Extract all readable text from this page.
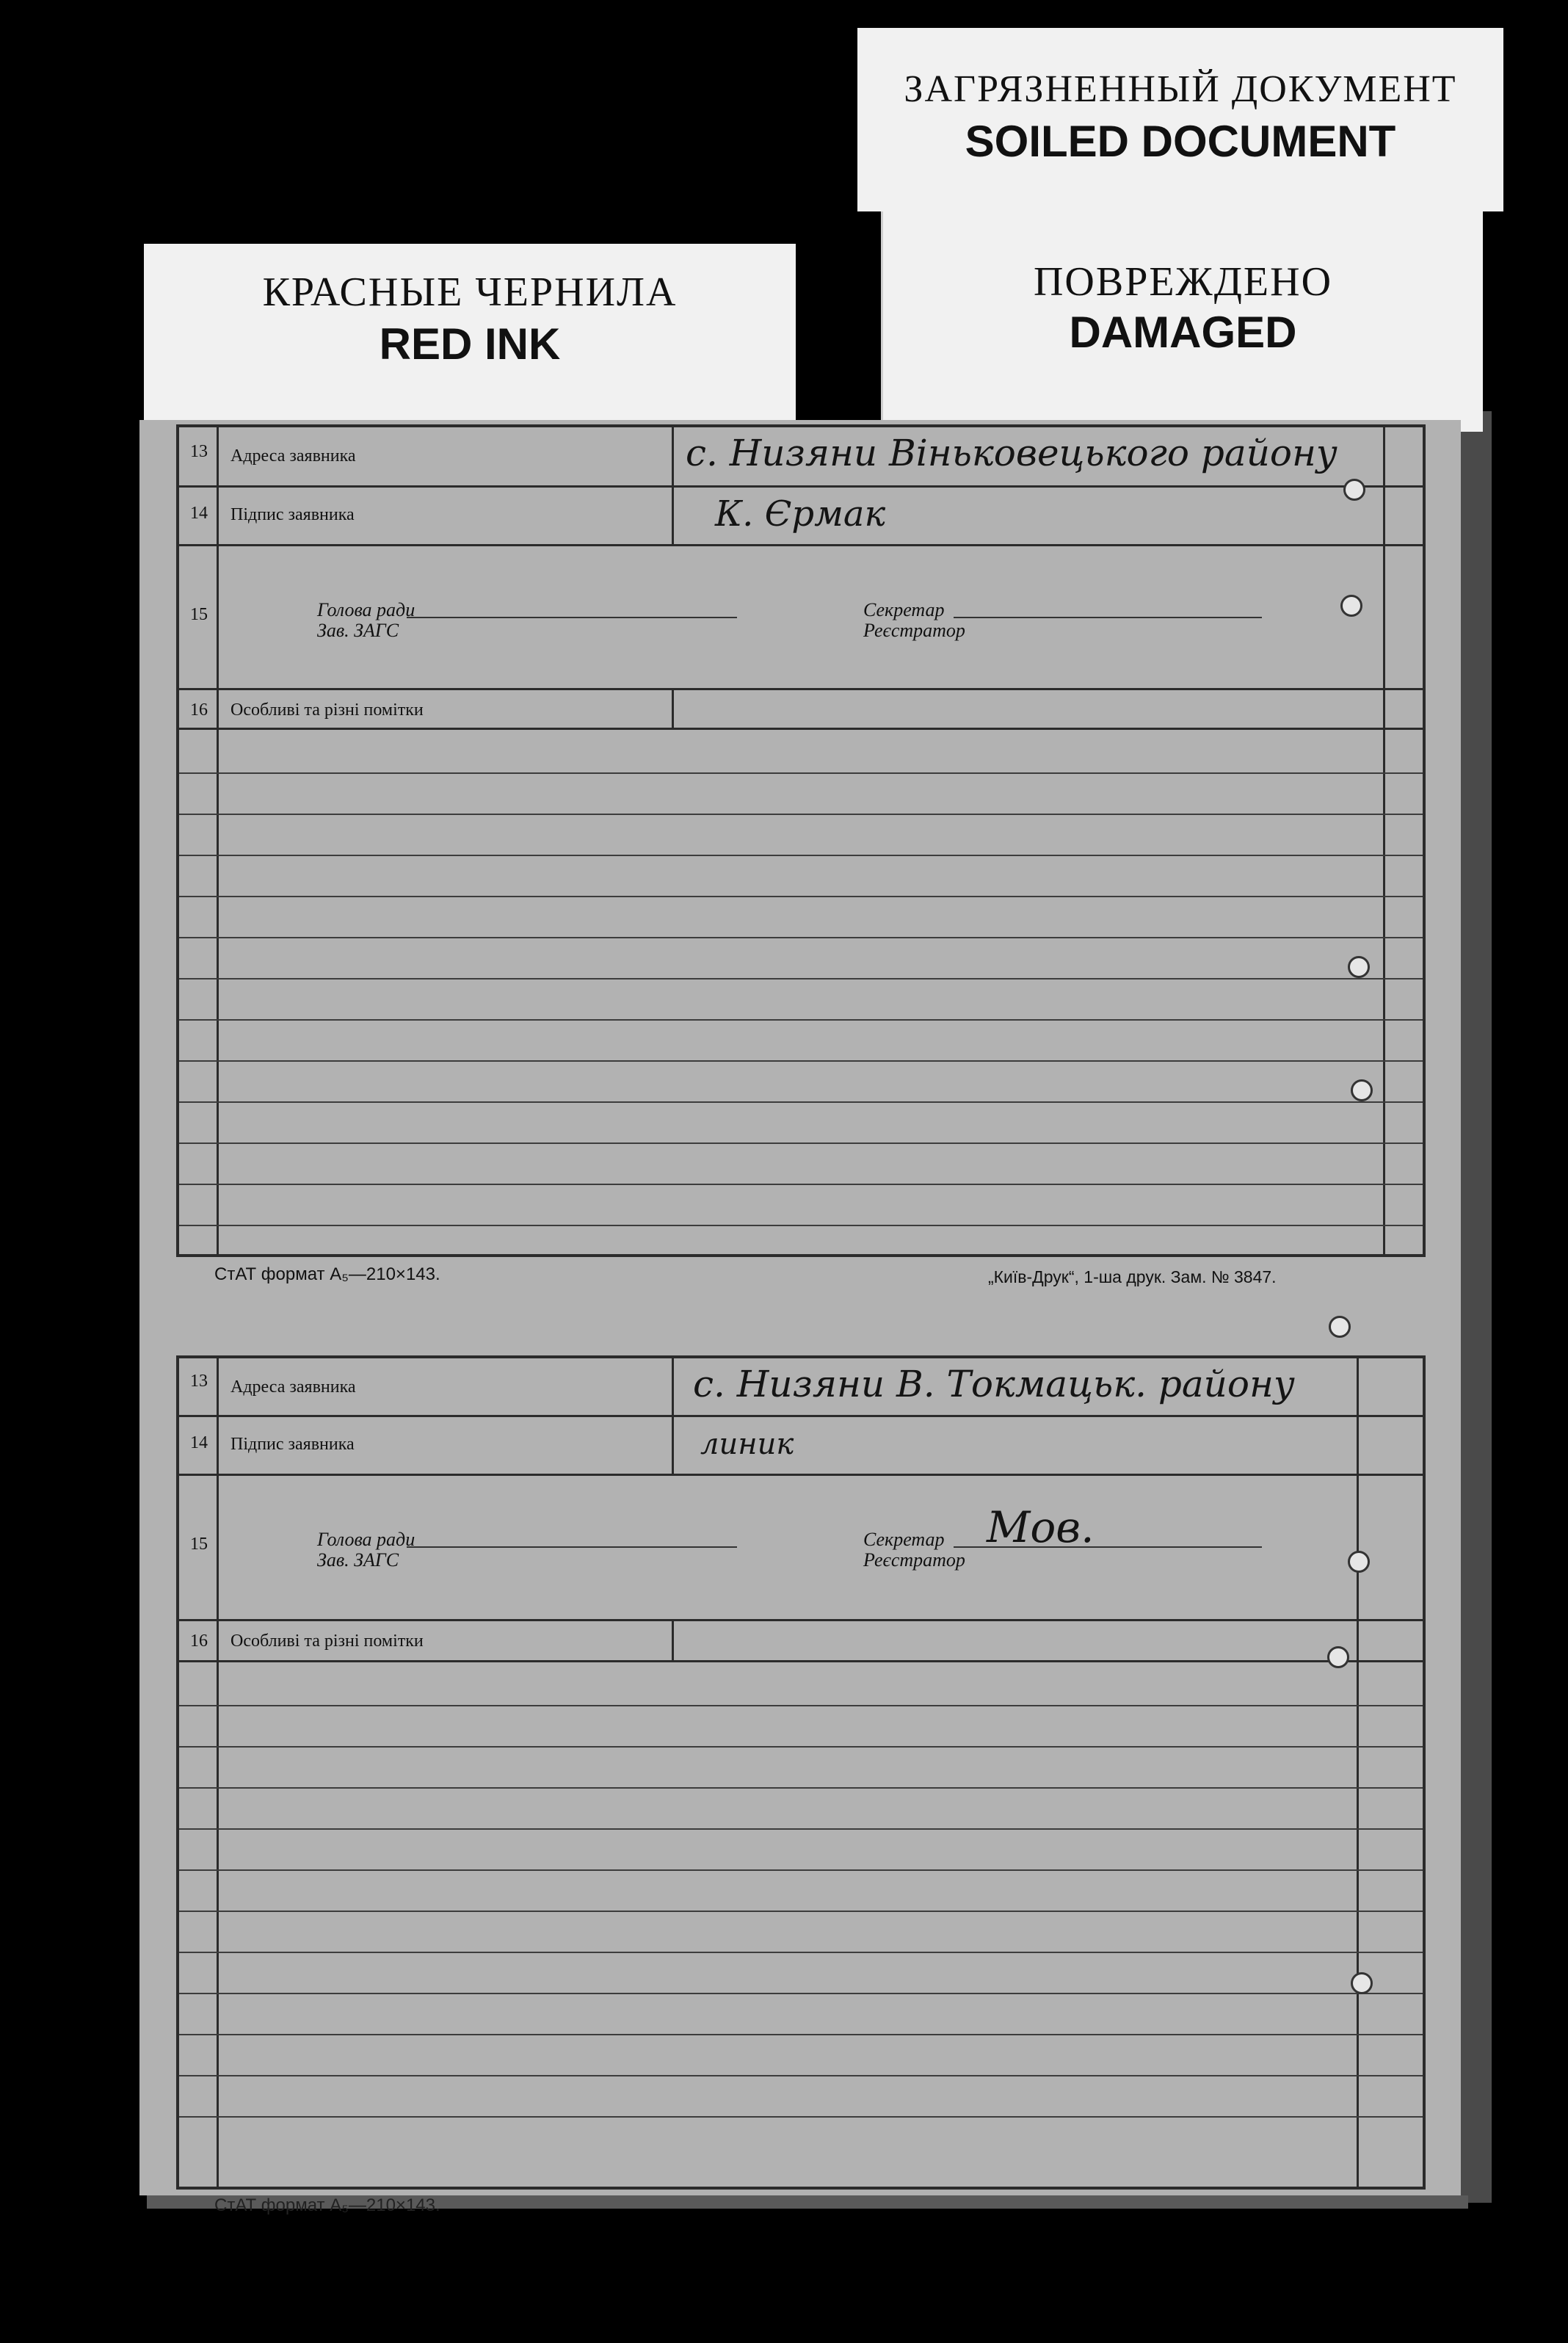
ЗАГРЯЗНЕННЫЙ ДОКУМЕНТ
SOILED DOCUMENT
ПОВРЕЖДЕНО
DAMAGED
КРАСНЫЕ ЧЕРНИЛА
RED INK
13	Адреса заявника	с. Низяни Віньковецького району
14	Підпис заявника	К. Єрмак
15	Голова ради
Зав. ЗАГС
Секретар
Реєстратор
16	Особливі та різні помітки
СтАТ формат А₅—210×143.	„Київ-Друк“, 1-ша друк. Зам. № 3847.
13	Адреса заявника	с. Низяни В. Токмацьк. району
14	Підпис заявника	линик
15	Голова ради
Зав. ЗАГС
Секретар
Реєстратор
Мов.
16	Особливі та різні помітки
СтАТ формат А₅—210×143.
